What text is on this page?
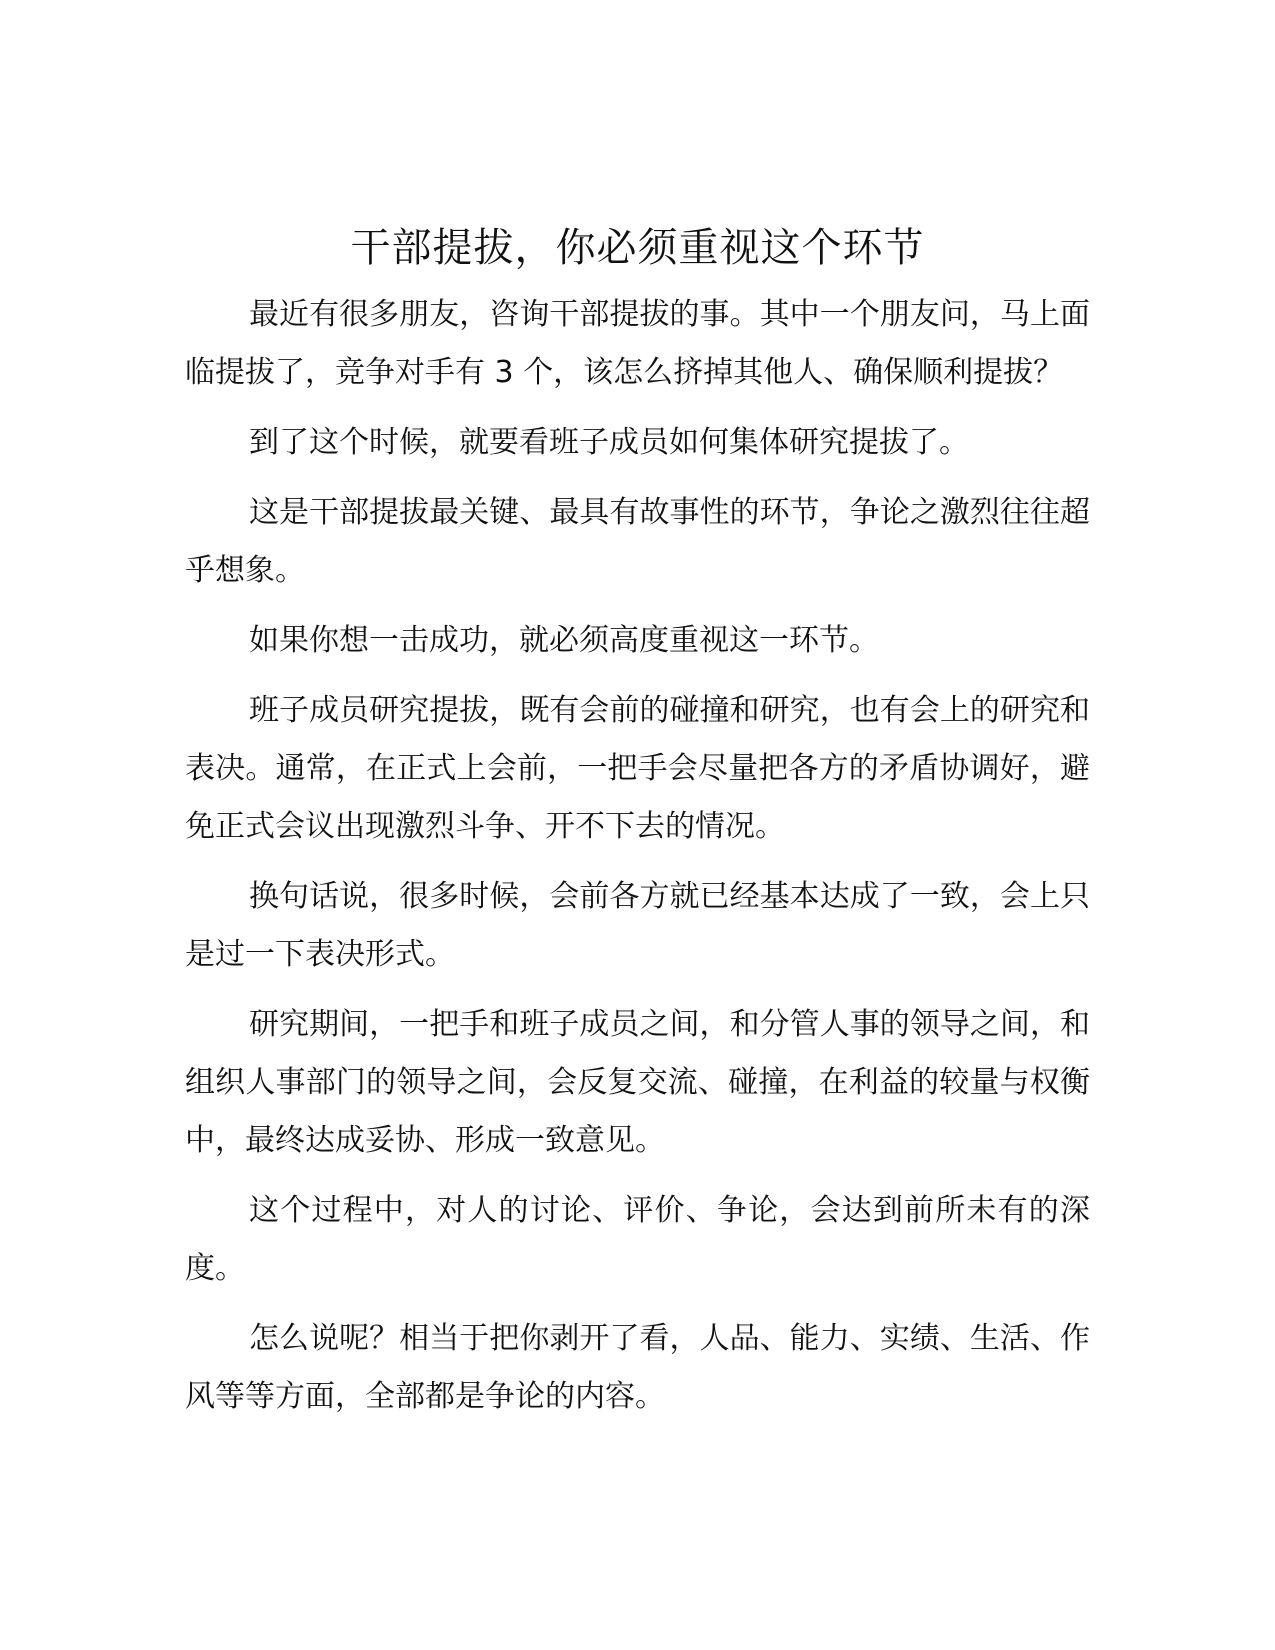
干部提拔，你必须重视这个环节

最近有很多朋友，咨询干部提拔的事。其中一个朋友问，马上面临提拔了，竞争对手有 3 个，该怎么挤掉其他人、确保顺利提拔？

到了这个时候，就要看班子成员如何集体研究提拔了。

这是干部提拔最关键、最具有故事性的环节，争论之激烈往往超乎想象。

如果你想一击成功，就必须高度重视这一环节。

班子成员研究提拔，既有会前的碰撞和研究，也有会上的研究和表决。通常，在正式上会前，一把手会尽量把各方的矛盾协调好，避免正式会议出现激烈斗争、开不下去的情况。

换句话说，很多时候，会前各方就已经基本达成了一致，会上只是过一下表决形式。

研究期间，一把手和班子成员之间，和分管人事的领导之间，和组织人事部门的领导之间，会反复交流、碰撞，在利益的较量与权衡中，最终达成妥协、形成一致意见。

这个过程中，对人的讨论、评价、争论，会达到前所未有的深度。

怎么说呢？相当于把你剥开了看，人品、能力、实绩、生活、作风等等方面，全部都是争论的内容。
